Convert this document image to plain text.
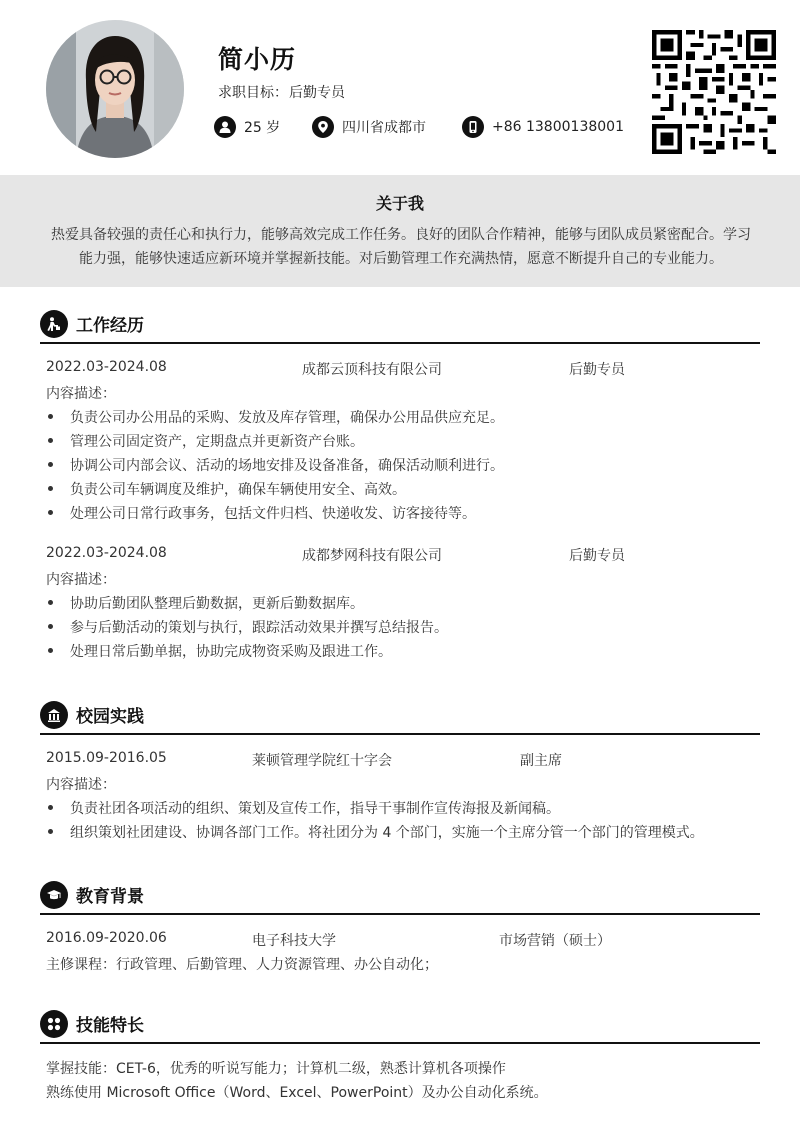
简小历
求职目标：后勤专员
25 岁	四川省成都市	+86 13800138001
关于我
热爱具备较强的责任心和执行力，能够高效完成工作任务。良好的团队合作精神，能够与团队成员紧密配合。学习能力强，能够快速适应新环境并掌握新技能。对后勤管理工作充满热情，愿意不断提升自己的专业能力。
工作经历
2022.03-2024.08	成都云顶科技有限公司	后勤专员
内容描述：
负责公司办公用品的采购、发放及库存管理，确保办公用品供应充足。
管理公司固定资产，定期盘点并更新资产台账。
协调公司内部会议、活动的场地安排及设备准备，确保活动顺利进行。
负责公司车辆调度及维护，确保车辆使用安全、高效。
处理公司日常行政事务，包括文件归档、快递收发、访客接待等。
2022.03-2024.08	成都梦网科技有限公司	后勤专员
内容描述：
协助后勤团队整理后勤数据，更新后勤数据库。
参与后勤活动的策划与执行，跟踪活动效果并撰写总结报告。
处理日常后勤单据，协助完成物资采购及跟进工作。
校园实践
2015.09-2016.05	莱顿管理学院红十字会	副主席
内容描述：
负责社团各项活动的组织、策划及宣传工作，指导干事制作宣传海报及新闻稿。
组织策划社团建设、协调各部门工作。将社团分为 4 个部门，实施一个主席分管一个部门的管理模式。
教育背景
2016.09-2020.06	电子科技大学	市场营销（硕士）
主修课程：行政管理、后勤管理、人力资源管理、办公自动化；
技能特长
掌握技能：CET-6，优秀的听说写能力；计算机二级，熟悉计算机各项操作
熟练使用 Microsoft Office（Word、Excel、PowerPoint）及办公自动化系统。
